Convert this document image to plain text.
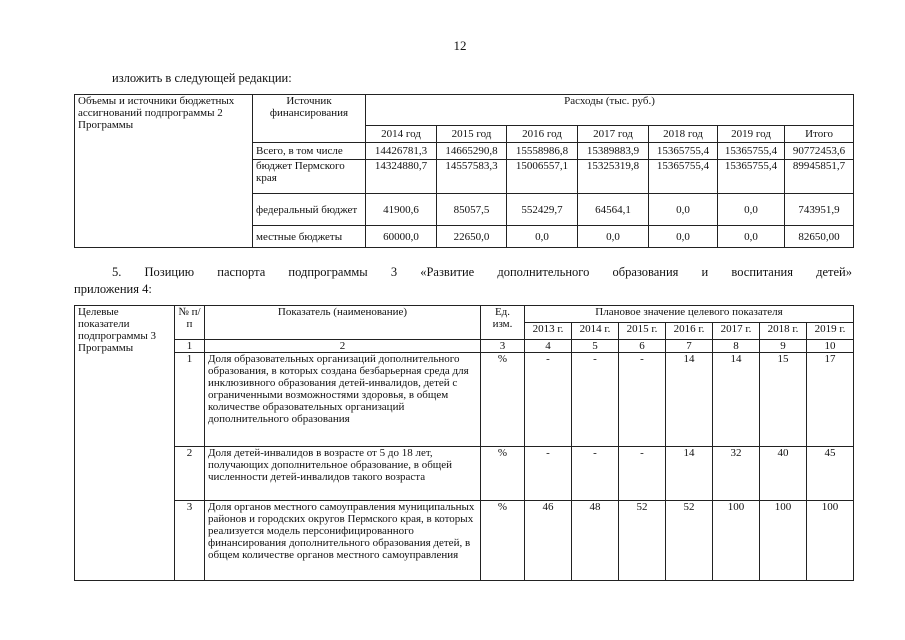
12
изложить в следующей редакции:
Объемы и источники бюджетных ассигнований подпрограммы 2 Программы	Источник финансирования	Расходы (тыс. руб.)						
		2014 год	2015 год	2016 год	2017 год	2018 год	2019 год	Итого
	Всего, в том числе	14426781,3	14665290,8	15558986,8	15389883,9	15365755,4	15365755,4	90772453,6
	бюджет Пермского края	14324880,7	14557583,3	15006557,1	15325319,8	15365755,4	15365755,4	89945851,7
	федеральный бюджет	41900,6	85057,5	552429,7	64564,1	0,0	0,0	743951,9
	местные бюджеты	60000,0	22650,0	0,0	0,0	0,0	0,0	82650,00
5. Позицию паспорта подпрограммы 3 «Развитие дополнительного образования и воспитания детей»
приложения 4:
Целевые показатели подпрограммы 3 Программы	№ п/п	Показатель (наименование)	Ед. изм.	Плановое значение целевого показателя						
				2013 г.	2014 г.	2015 г.	2016 г.	2017 г.	2018 г.	2019 г.
	1	2	3	4	5	6	7	8	9	10
	1	Доля образовательных организаций дополнительного образования, в которых создана безбарьерная среда для инклюзивного образования детей-инвалидов, детей с ограниченными возможностями здоровья, в общем количестве образовательных организаций дополнительного образования	%	-	-	-	14	14	15	17
	2	Доля детей-инвалидов в возрасте от 5 до 18 лет, получающих дополнительное образование, в общей численности детей-инвалидов такого возраста	%	-	-	-	14	32	40	45
	3	Доля органов местного самоуправления муниципальных районов и городских округов Пермского края, в которых реализуется модель персонифицированного финансирования дополнительного образования детей, в общем количестве органов местного самоуправления	%	46	48	52	52	100	100	100
